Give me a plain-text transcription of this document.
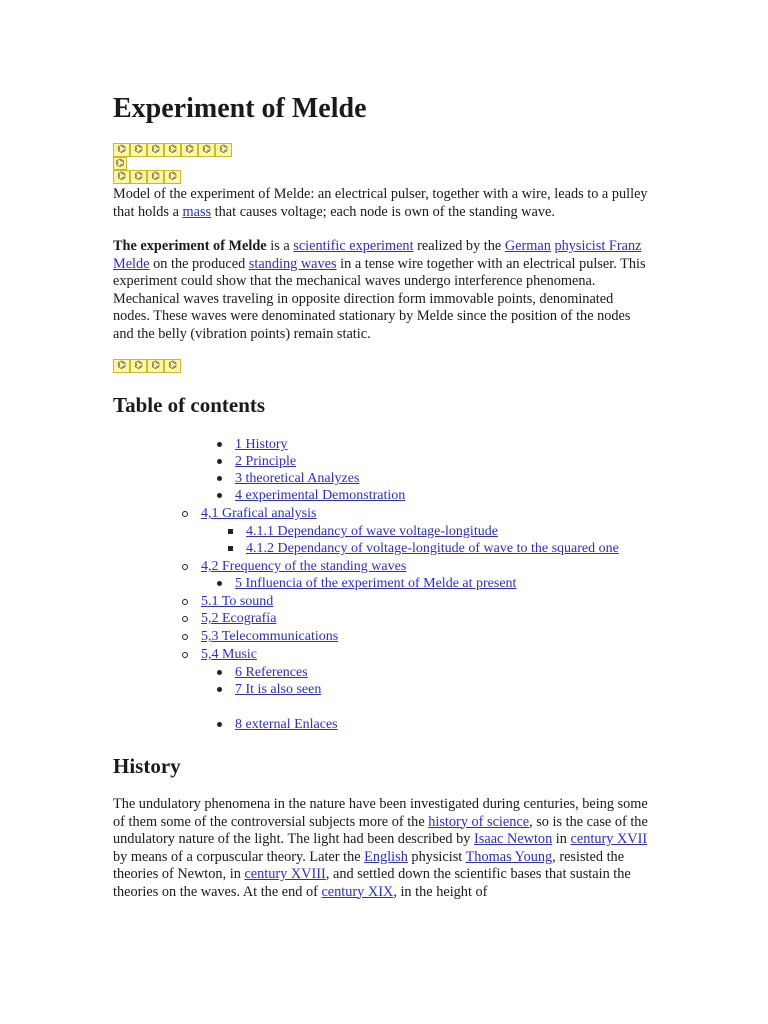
Experiment of Melde
⌬ ⌬ ⌬ ⌬ ⌬ ⌬ ⌬
⌬
⌬ ⌬ ⌬ ⌬

Model of the experiment of Melde: an electrical pulser, together with a wire, leads to a pulley that holds a mass that causes voltage; each node is own of the standing wave.

The experiment of Melde is a scientific experiment realized by the German physicist Franz Melde on the produced standing waves in a tense wire together with an electrical pulser. This experiment could show that the mechanical waves undergo interference phenomena. Mechanical waves traveling in opposite direction form immovable points, denominated nodes. These waves were denominated stationary by Melde since the position of the nodes and the belly (vibration points) remain static.

⌬ ⌬ ⌬ ⌬
Table of contents
1 History
2 Principle
3 theoretical Analyzes
4 experimental Demonstration
4,1 Grafical analysis
4.1.1 Dependancy of wave voltage-longitude
4.1.2 Dependancy of voltage-longitude of wave to the squared one
4,2 Frequency of the standing waves
5 Influencia of the experiment of Melde at present
5.1 To sound
5,2 Ecografía
5,3 Telecommunications
5,4 Music
6 References
7 It is also seen
8 external Enlaces
History

The undulatory phenomena in the nature have been investigated during centuries, being some of them some of the controversial subjects more of the history of science, so is the case of the undulatory nature of the light. The light had been described by Isaac Newton in century XVII by means of a corpuscular theory. Later the English physicist Thomas Young, resisted the theories of Newton, in century XVIII, and settled down the scientific bases that sustain the theories on the waves. At the end of century XIX, in the height of
